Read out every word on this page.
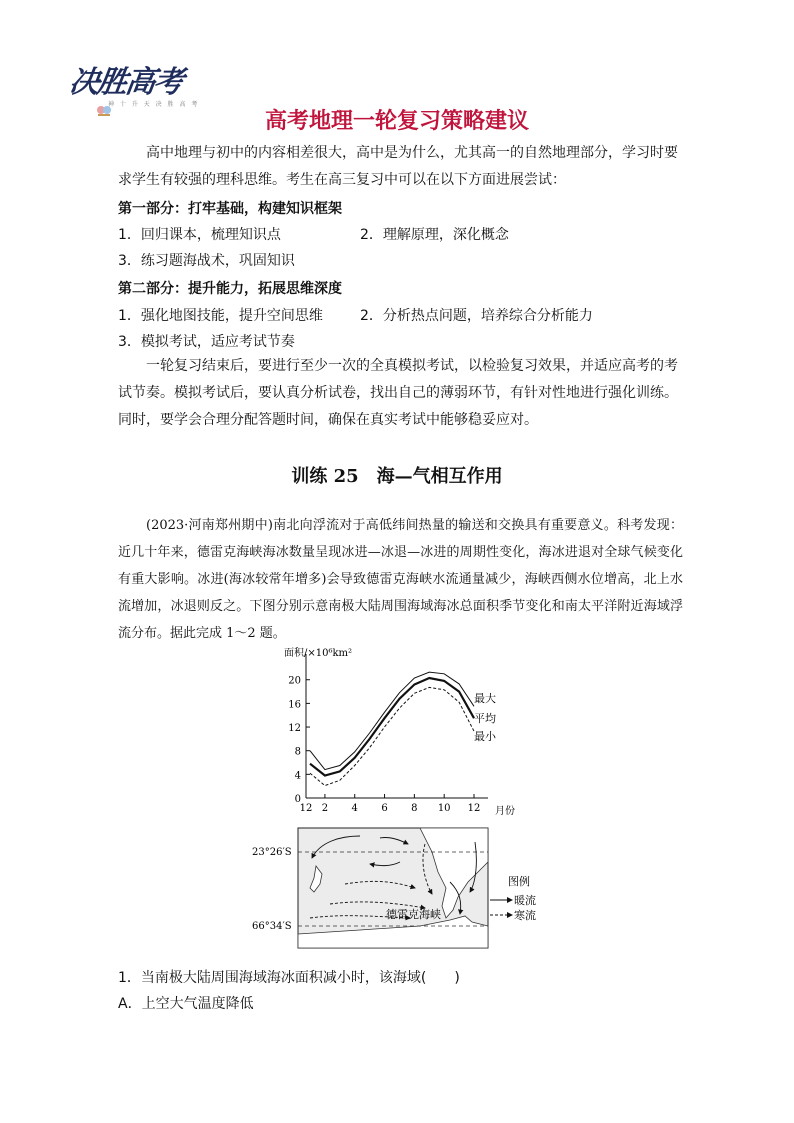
决胜高考
神 十 升 天 决 胜 高 考
高考地理一轮复习策略建议
高中地理与初中的内容相差很大，高中是为什么，尤其高一的自然地理部分，学习时要求学生有较强的理科思维。考生在高三复习中可以在以下方面进展尝试：
第一部分：打牢基础，构建知识框架
1．回归课本，梳理知识点	2．理解原理，深化概念
3．练习题海战术，巩固知识
第二部分：提升能力，拓展思维深度
1．强化地图技能，提升空间思维	2．分析热点问题，培养综合分析能力
3．模拟考试，适应考试节奏
一轮复习结束后，要进行至少一次的全真模拟考试，以检验复习效果，并适应高考的考试节奏。模拟考试后，要认真分析试卷，找出自己的薄弱环节，有针对性地进行强化训练。同时，要学会合理分配答题时间，确保在真实考试中能够稳妥应对。
训练 25　海—气相互作用
(2023·河南郑州期中)南北向浮流对于高低纬间热量的输送和交换具有重要意义。科考发现：近几十年来，德雷克海峡海冰数量呈现冰进—冰退—冰进的周期性变化，海冰进退对全球气候变化有重大影响。冰进(海冰较常年增多)会导致德雷克海峡水流通量减少，海峡西侧水位增高，北上水流增加，冰退则反之。下图分别示意南极大陆周围海域海冰总面积季节变化和南太平洋附近海域浮流分布。据此完成 1～2 题。
面积/×10⁶km²
0
4
8
12
16
20
12 2 4 6 8 10 12
最大
平均
最小
月份
23°26′S
66°34′S
德雷克海峡
图例
暖流
寒流
1．当南极大陆周围海域海冰面积减小时，该海域(　　)
A．上空大气温度降低
